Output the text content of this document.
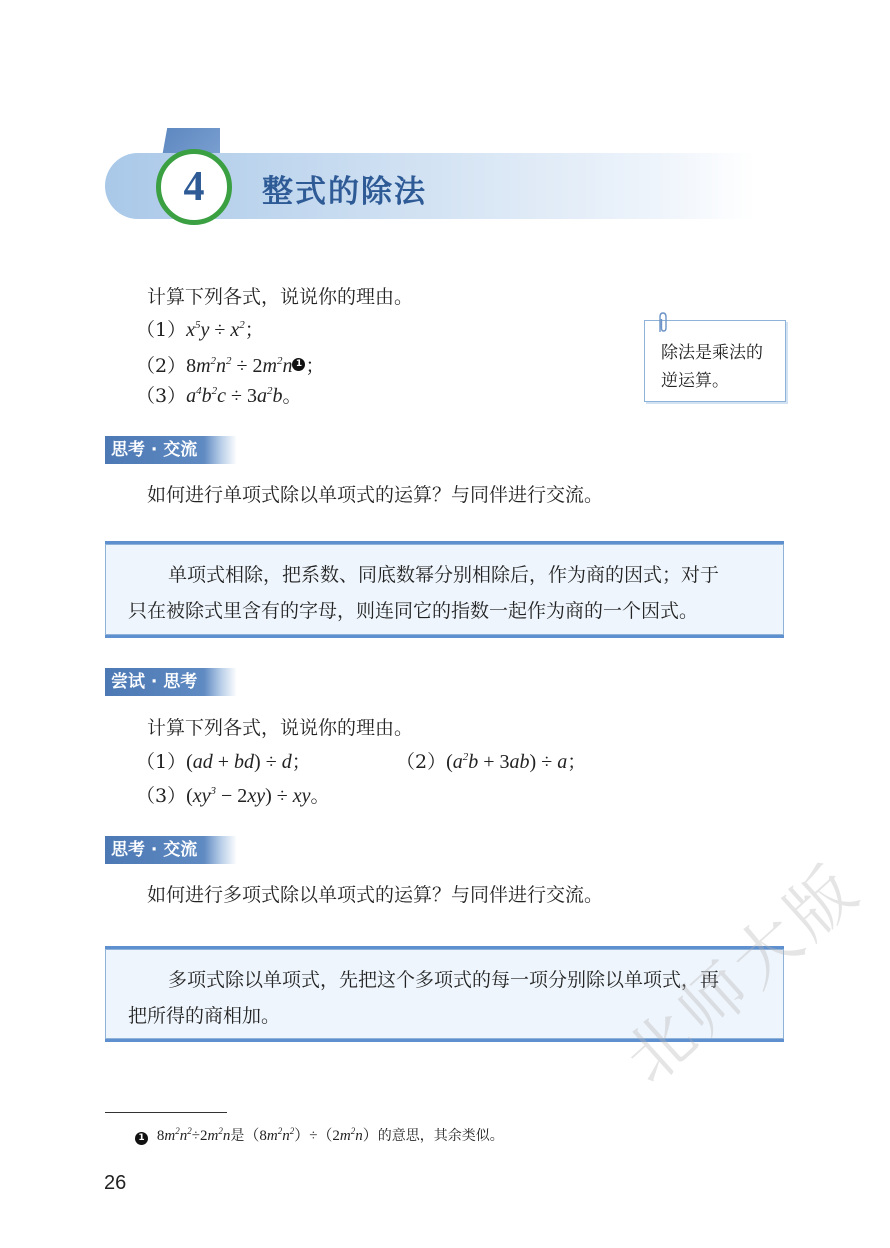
4 整式的除法
计算下列各式，说说你的理由。
$(1)x^5y \div x^2$；
$(2)8m^2n^2 \div 2m^2n$ 1 ；
$(3)a^4b^2c \div 3a^2b$。
除法是乘法的
逆运算。
思考 · 交流
如何进行单项式除以单项式的运算？与同伴进行交流。
单项式相除，把系数、同底数幂分别相除后，作为商的因式；对于
只在被除式里含有的字母，则连同它的指数一起作为商的一个因式。
尝试 · 思考
计算下列各式，说说你的理由。
（1）(ad + bd) ÷ d；	$(2)(a^2b + 3ab) \div a$；
$(3)(xy^3 - 2xy)$ ÷ xy。
思考 · 交流
如何进行多项式除以单项式的运算？与同伴进行交流。
多项式除以单项式，先把这个多项式的每一项分别除以单项式，再
把所得的商相加。
1 $8m^2n^2\div 2m^2n$是$(8m^2n^2)\div(2m^2n)$的意思，其余类似。
26
北师大版
